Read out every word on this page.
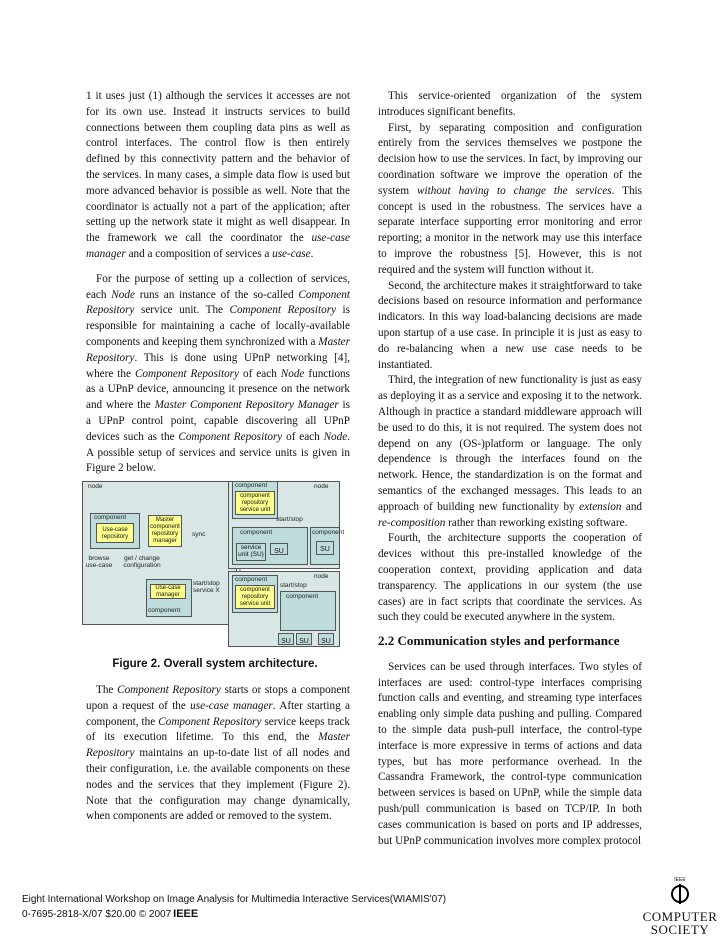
1 it uses just (1) although the services it accesses are not for its own use. Instead it instructs services to build connections between them coupling data pins as well as control interfaces. The control flow is then entirely defined by this connectivity pattern and the behavior of the services. In many cases, a simple data flow is used but more advanced behavior is possible as well. Note that the coordinator is actually not a part of the application; after setting up the network state it might as well disappear. In the framework we call the coordinator the use-case manager and a composition of services a use-case.

For the purpose of setting up a collection of services, each Node runs an instance of the so-called Component Repository service unit. The Component Repository is responsible for maintaining a cache of locally-available components and keeping them synchronized with a Master Repository. This is done using UPnP networking [4], where the Component Repository of each Node functions as a UPnP device, announcing it presence on the network and where the Master Component Repository Manager is a UPnP control point, capable discovering all UPnP devices such as the Component Repository of each Node. A possible setup of services and service units is given in Figure 2 below.

node
component
Use-case repository
Master component repository manager
sync
browse use-case
get / change configuration
Use-case manager
component
start/stop service X
node
component
component repository service unit
start/stop
component
service unit (SU)	SU
component
SU
node
component
component repository service unit
start/stop
component
SU	SU	SU
Figure 2. Overall system architecture.

The Component Repository starts or stops a component upon a request of the use-case manager. After starting a component, the Component Repository service keeps track of its execution lifetime. To this end, the Master Repository maintains an up-to-date list of all nodes and their configuration, i.e. the available components on these nodes and the services that they implement (Figure 2). Note that the configuration may change dynamically, when components are added or removed to the system.

This service-oriented organization of the system introduces significant benefits.

First, by separating composition and configuration entirely from the services themselves we postpone the decision how to use the services. In fact, by improving our coordination software we improve the operation of the system without having to change the services. This concept is used in the robustness. The services have a separate interface supporting error monitoring and error reporting; a monitor in the network may use this interface to improve the robustness [5]. However, this is not required and the system will function without it.

Second, the architecture makes it straightforward to take decisions based on resource information and performance indicators. In this way load-balancing decisions are made upon startup of a use case. In principle it is just as easy to do re-balancing when a new use case needs to be instantiated.

Third, the integration of new functionality is just as easy as deploying it as a service and exposing it to the network. Although in practice a standard middleware approach will be used to do this, it is not required. The system does not depend on any (OS-)platform or language. The only dependence is through the interfaces found on the network. Hence, the standardization is on the format and semantics of the exchanged messages. This leads to an approach of building new functionality by extension and re-composition rather than reworking existing software.

Fourth, the architecture supports the cooperation of devices without this pre-installed knowledge of the cooperation context, providing application and data transparency. The applications in our system (the use cases) are in fact scripts that coordinate the services. As such they could be executed anywhere in the system.

2.2 Communication styles and performance

Services can be used through interfaces. Two styles of interfaces are used: control-type interfaces comprising function calls and eventing, and streaming type interfaces enabling only simple data pushing and pulling. Compared to the simple data push-pull interface, the control-type interface is more expressive in terms of actions and data types, but has more performance overhead. In the Cassandra Framework, the control-type communication between services is based on UPnP, while the simple data push/pull communication is based on TCP/IP. In both cases communication is based on ports and IP addresses, but UPnP communication involves more complex protocol

Eight International Workshop on Image Analysis for Multimedia Interactive Services(WIAMIS'07)
0-7695-2818-X/07 $20.00 © 2007 IEEE
IEEE
COMPUTER
SOCIETY
